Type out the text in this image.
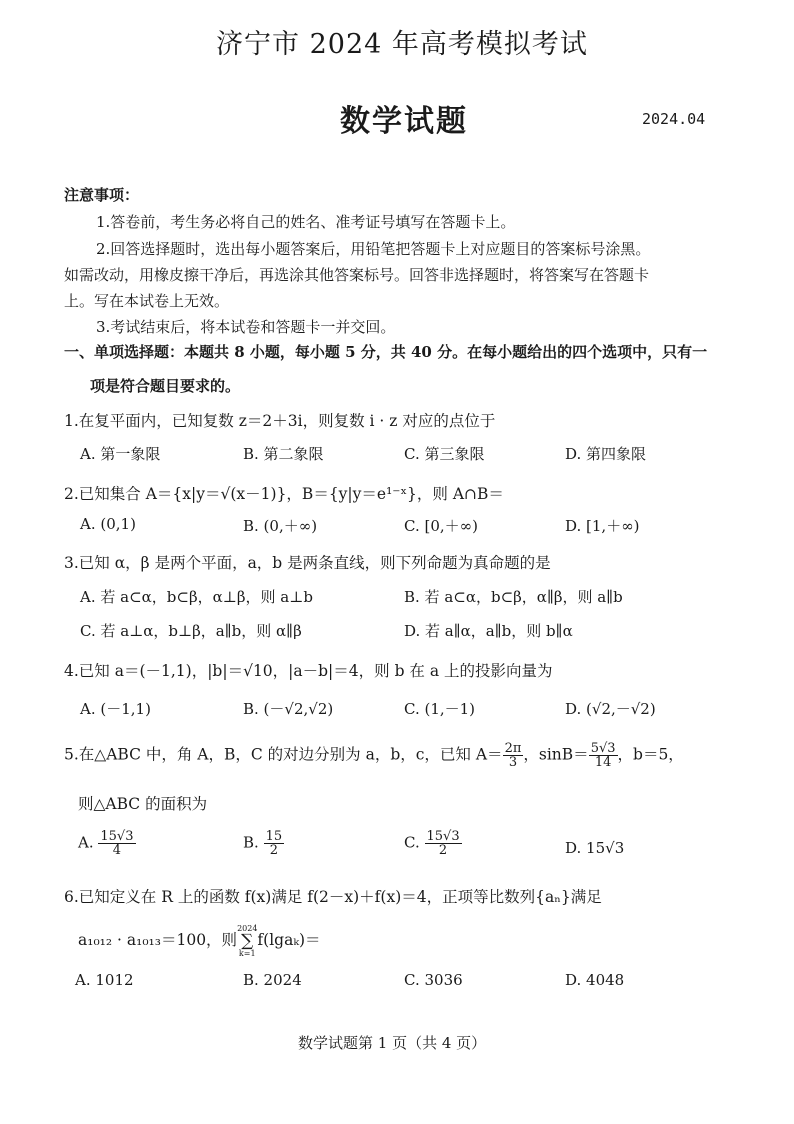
济宁市 2024 年高考模拟考试
数学试题	2024.04
注意事项：
1.答卷前，考生务必将自己的姓名、准考证号填写在答题卡上。
2.回答选择题时，选出每小题答案后，用铅笔把答题卡上对应题目的答案标号涂黑。
如需改动，用橡皮擦干净后，再选涂其他答案标号。回答非选择题时，将答案写在答题卡
上。写在本试卷上无效。
3.考试结束后，将本试卷和答题卡一并交回。
一、单项选择题：本题共 8 小题，每小题 5 分，共 40 分。在每小题给出的四个选项中，只有一
项是符合题目要求的。
1.在复平面内，已知复数 z＝2＋3i，则复数 i · z 对应的点位于
A. 第一象限	B. 第二象限	C. 第三象限	D. 第四象限
2.已知集合 A＝{x|y＝√(x－1)}，B＝{y|y＝e¹⁻ˣ}，则 A∩B＝
A. (0,1)	B. (0,＋∞)	C. [0,＋∞)	D. [1,＋∞)
3.已知 α，β 是两个平面，a，b 是两条直线，则下列命题为真命题的是
A. 若 a⊂α，b⊂β，α⊥β，则 a⊥b	B. 若 a⊂α，b⊂β，α∥β，则 a∥b
C. 若 a⊥α，b⊥β，a∥b，则 α∥β	D. 若 a∥α，a∥b，则 b∥α
4.已知 a＝(－1,1)，|b|＝√10，|a－b|＝4，则 b 在 a 上的投影向量为
A. (－1,1)	B. (－√2,√2)	C. (1,－1)	D. (√2,－√2)
5.在△ABC 中，角 A，B，C 的对边分别为 a，b，c，已知 $A= \frac{2\pi}{3}$ ，$\sin B= \frac{5√3}{14}$ ，b＝5，
则△ABC 的面积为
A. $\frac{15√3}{4}$	B. $\frac{15}{2}$	C. $\frac{15√3}{2}$	D. 15√3
6.已知定义在 R 上的函数 f(x)满足 f(2－x)＋f(x)＝4，正项等比数列{aₙ}满足
a₁₀₁₂ · a₁₀₁₃＝100，则
2024
∑
k=1
f(lgaₖ)＝
A. 1012	B. 2024	C. 3036	D. 4048
数学试题第 1 页（共 4 页）
